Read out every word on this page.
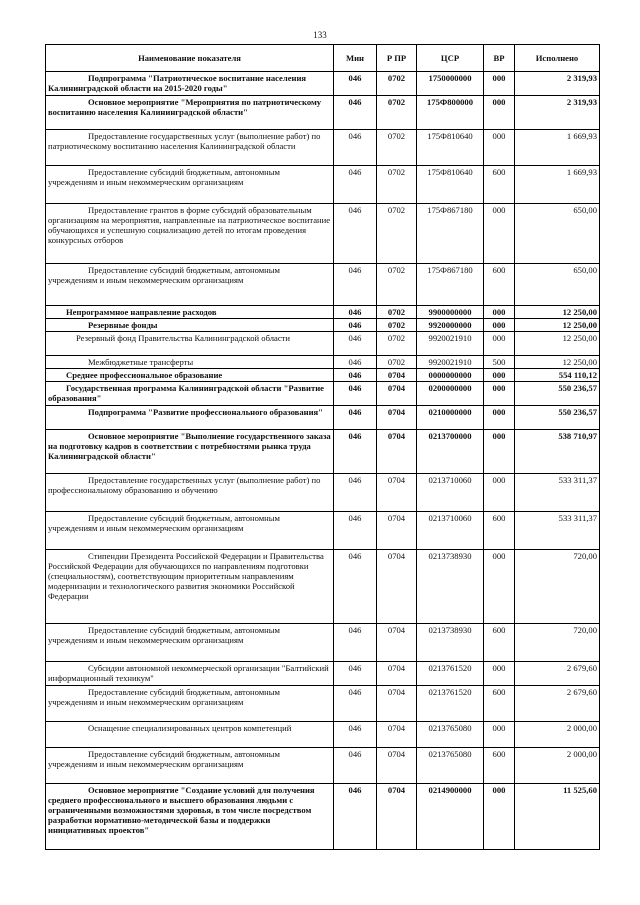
133
Наименование показателя	Мин	Р ПР	ЦСР	ВР	Исполнено
Подпрограмма "Патриотическое воспитание населения Калининградской области на 2015-2020 годы"	046	0702	1750000000	000	2 319,93
Основное мероприятие "Мероприятия по патриотическому воспитанию населения Калининградской области"	046	0702	175Ф800000	000	2 319,93
Предоставление государственных услуг (выполнение работ) по патриотическому воспитанию населения Калининградской области	046	0702	175Ф810640	000	1 669,93
Предоставление субсидий бюджетным, автономным учреждениям и иным некоммерческим организациям	046	0702	175Ф810640	600	1 669,93
Предоставление грантов в форме субсидий образовательным организациям на мероприятия, направленные на патриотическое воспитание обучающихся и успешную социализацию детей по итогам проведения конкурсных отборов	046	0702	175Ф867180	000	650,00
Предоставление субсидий бюджетным, автономным учреждениям и иным некоммерческим организациям	046	0702	175Ф867180	600	650,00
Непрограммное направление расходов	046	0702	9900000000	000	12 250,00
Резервные фонды	046	0702	9920000000	000	12 250,00
Резервный фонд Правительства Калининградской области	046	0702	9920021910	000	12 250,00
Межбюджетные трансферты	046	0702	9920021910	500	12 250,00
Среднее профессиональное образование	046	0704	0000000000	000	554 110,12
Государственная программа Калининградской области "Развитие образования"	046	0704	0200000000	000	550 236,57
Подпрограмма "Развитие профессионального образования"	046	0704	0210000000	000	550 236,57
Основное мероприятие "Выполнение государственного заказа на подготовку кадров в соответствии с потребностями рынка труда Калининградской области"	046	0704	0213700000	000	538 710,97
Предоставление государственных услуг (выполнение работ) по профессиональному образованию и обучению	046	0704	0213710060	000	533 311,37
Предоставление субсидий бюджетным, автономным учреждениям и иным некоммерческим организациям	046	0704	0213710060	600	533 311,37
Стипендии Президента Российской Федерации и Правительства Российской Федерации для обучающихся по направлениям подготовки (специальностям), соответствующим приоритетным направлениям модернизации и технологического развития экономики Российской Федерации	046	0704	0213738930	000	720,00
Предоставление субсидий бюджетным, автономным учреждениям и иным некоммерческим организациям	046	0704	0213738930	600	720,00
Субсидии автономной некоммерческой организации "Балтийский информационный техникум"	046	0704	0213761520	000	2 679,60
Предоставление субсидий бюджетным, автономным учреждениям и иным некоммерческим организациям	046	0704	0213761520	600	2 679,60
Оснащение специализированных центров компетенций	046	0704	0213765080	000	2 000,00
Предоставление субсидий бюджетным, автономным учреждениям и иным некоммерческим организациям	046	0704	0213765080	600	2 000,00
Основное мероприятие "Создание условий для получения среднего профессионального и высшего образования людьми с ограниченными возможностями здоровья, в том числе посредством разработки нормативно-методической базы и поддержки инициативных проектов"	046	0704	0214900000	000	11 525,60
